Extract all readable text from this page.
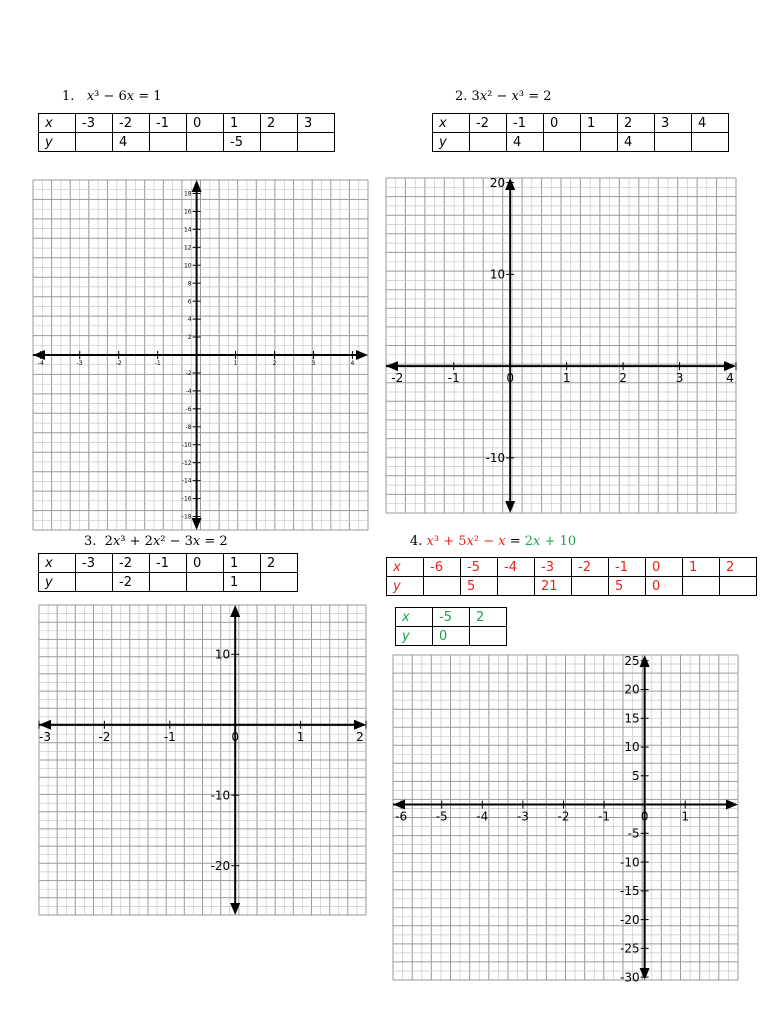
1. x³ − 6x = 1
x	-3	-2	-1	0	1	2	3
y		4			-5		
-4	-3	-2	-1	1	2	3	4
18
16
14
12
10
8
6
4
2
-2
-4
-6
-8
-10
-12
-14
-16
-18
2. 3x² − x³ = 2
x	-2	-1	0	1	2	3	4
y		4			4		
-2	-1	0	1	2	3	4
20
10
-10
3. 2x³ + 2x² − 3x = 2
x	-3	-2	-1	0	1	2
y		-2			1	
-3	-2	-1	0	1	2
10
-10
-20
4. x³ + 5x² − x = 2x + 10
x	-6	-5	-4	-3	-2	-1	0	1	2
y		5		21		5	0		
x	-5	2
y	0	
-6 -5 -4 -3 -2 -1	0	1
25
20
15
10
5
-5
-10
-15
-20
-25
-30
